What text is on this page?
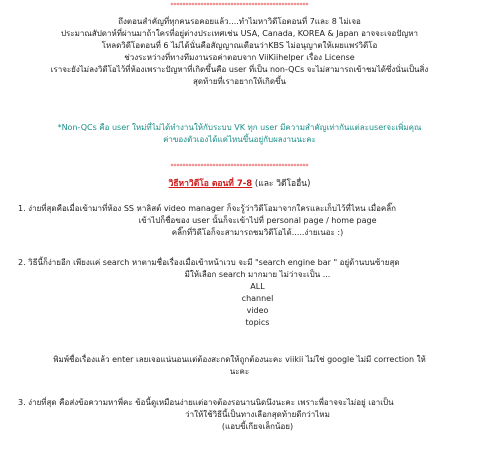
**********************************************
ถึงตอนสำคัญที่ทุกคนรอคอยแล้ว....ทำไมหาวิดีโอตอนที่ 7และ 8 ไม่เจอ
ประมาณสัปดาห์ที่ผ่านมาถ้าใครที่อยู่ต่างประเทศเช่น USA, Canada, KOREA & Japan อาจจะเจอปัญหา
โหลดวิดีโอตอนที่ 6 ไม่ได้นั่นคือสัญญาณเตือนว่าKBS ไม่อนุญาตให้เผยแพร่วิดีโอ
ช่วงระหว่างที่ทางทีมงานรอค่าตอบจาก ViiKiihelper เรื่อง License
เราจะยังไม่ลงวิดีโอไว้ที่ห้องเพราะปัญหาที่เกิดขึ้นคือ user ที่เป็น non-QCs จะไม่สามารถเข้าชมได้ซึ่งนั่นเป็นสิ่ง
สุดท้ายที่เราอยากให้เกิดขึ้น
*Non-QCs คือ user ใหม่ที่ไม่ได้ทำงานให้กับระบบ VK ทุก user มีความสำคัญเท่ากันแต่ละuserจะเพิ่มคุณ
ค่าของตัวเองได้แค่ไหนขึ้นอยู่กับผลงานนะคะ
**********************************************
วิธีหาวิดีโอ ตอนที่ 7-8 (และ วิดีโออื่น)
1. ง่ายที่สุดคือเมื่อเข้ามาที่ห้อง SS หาลิสต์ video manager ก็จะรู้ว่าวิดีโอมาจากใครและเก็บไว้ที่ไหน เมื่อคลิ๊ก
เข้าไปก็ชื่อของ user นั้นก็จะเข้าไปที่ personal page / home page
คลิ๊กที่วิดีโอก็จะสามารถชมวิดีโอได้.....ง่ายเนอะ :)
2. วิธีนี้ก็ง่ายอีก เพียงแค่ search หาตามชื่อเรื่องเมื่อเข้าหน้าเวบ จะมี "search engine bar " อยู่ด้านบนซ้ายสุด
มีให้เลือก search มากมาย ไม่ว่าจะเป็น ...
ALL
channel
video
topics
พิมพ์ชื่อเรื่องแล้ว enter เลยเจอแน่นอนแต่ต้องสะกดให้ถูกต้องนะคะ viikii ไม่ใช่ google ไม่มี correction ให้
นะคะ
3. ง่ายที่สุด คือส่งข้อความหาพี่คะ ข้อนี้ดูเหมือนง่ายแต่อาจต้องรอนานนิดนึงนะคะ เพราะพี่อาจจะไม่อยู่ เอาเป็น
ว่าให้ใช้วิธีนี้เป็นทางเลือกสุดท้ายดีกว่าไหม
(แอบขี้เกียจเล็กน้อย)
